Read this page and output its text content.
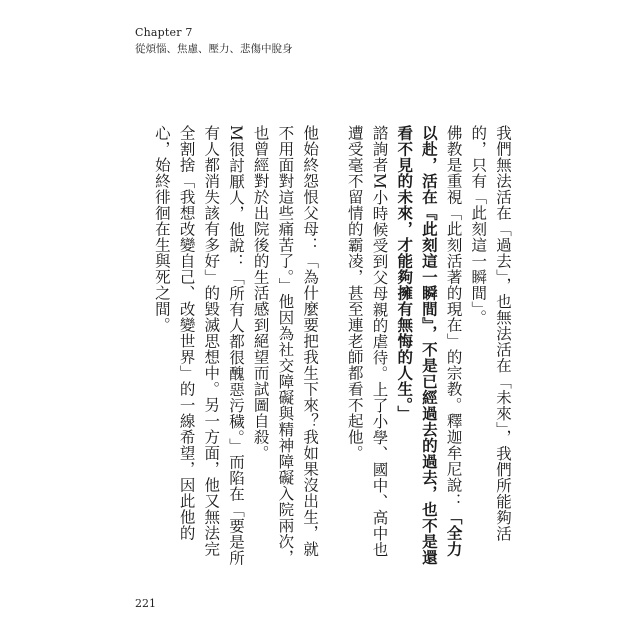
Chapter 7
從煩惱、焦慮、壓力、悲傷中脫身

我們無法活在「過去」，也無法活在「未來」，我們所能夠活的，只有「此刻這一瞬間」。

佛教是重視「此刻活著的現在」的宗教。釋迦牟尼說：「全力以赴，活在『此刻這一瞬間』，不是已經過去的過去，也不是還看不見的未來，才能夠擁有無悔的人生。」

諮詢者M小時候受到父母親的虐待。上了小學、國中、高中也遭受毫不留情的霸凌，甚至連老師都看不起他。

他始終怨恨父母：「為什麼要把我生下來？我如果沒出生，就不用面對這些痛苦了。」他因為社交障礙與精神障礙入院兩次，也曾經對於出院後的生活感到絕望而試圖自殺。

M很討厭人，他說：「所有人都很醜惡污穢。」而陷在「要是所有人都消失該有多好」的毀滅思想中。另一方面，他又無法完全割捨「我想改變自己、改變世界」的一線希望，因此他的心，始終徘徊在生與死之間。

221
